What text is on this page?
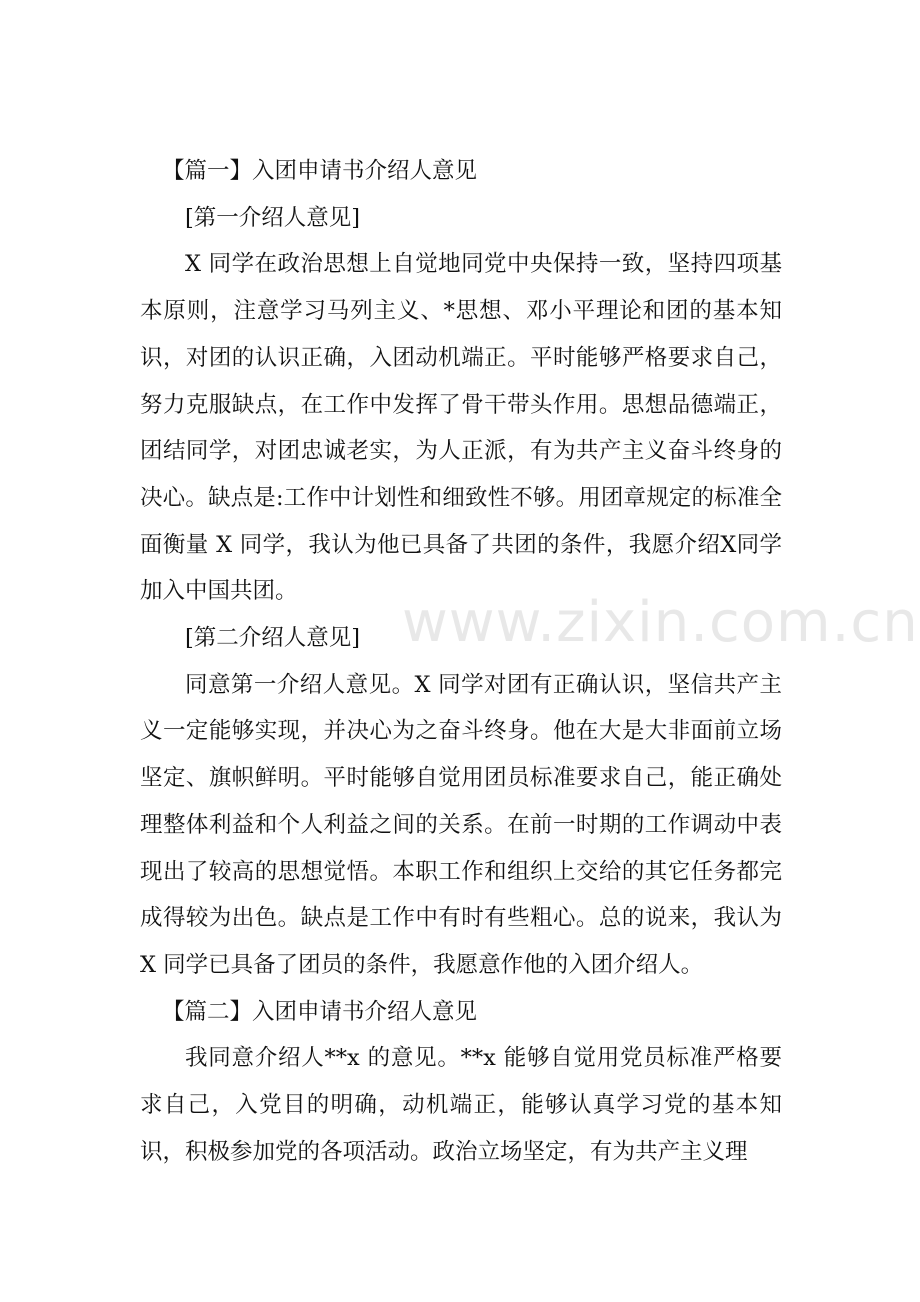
【篇一】入团申请书介绍人意见

[第一介绍人意见]

X 同学在政治思想上自觉地同党中央保持一致，坚持四项基本原则，注意学习马列主义、*思想、邓小平理论和团的基本知识，对团的认识正确，入团动机端正。平时能够严格要求自己，努力克服缺点，在工作中发挥了骨干带头作用。思想品德端正，团结同学，对团忠诚老实，为人正派，有为共产主义奋斗终身的决心。缺点是:工作中计划性和细致性不够。用团章规定的标准全面衡量 X 同学，我认为他已具备了共团的条件，我愿介绍X同学加入中国共团。

[第二介绍人意见]

同意第一介绍人意见。X 同学对团有正确认识，坚信共产主义一定能够实现，并决心为之奋斗终身。他在大是大非面前立场坚定、旗帜鲜明。平时能够自觉用团员标准要求自己，能正确处理整体利益和个人利益之间的关系。在前一时期的工作调动中表现出了较高的思想觉悟。本职工作和组织上交给的其它任务都完成得较为出色。缺点是工作中有时有些粗心。总的说来，我认为 X 同学已具备了团员的条件，我愿意作他的入团介绍人。

【篇二】入团申请书介绍人意见

我同意介绍人**x 的意见。**x 能够自觉用党员标准严格要求自己，入党目的明确，动机端正，能够认真学习党的基本知识，积极参加党的各项活动。政治立场坚定，有为共产主义理

www.zixin.com.cn
